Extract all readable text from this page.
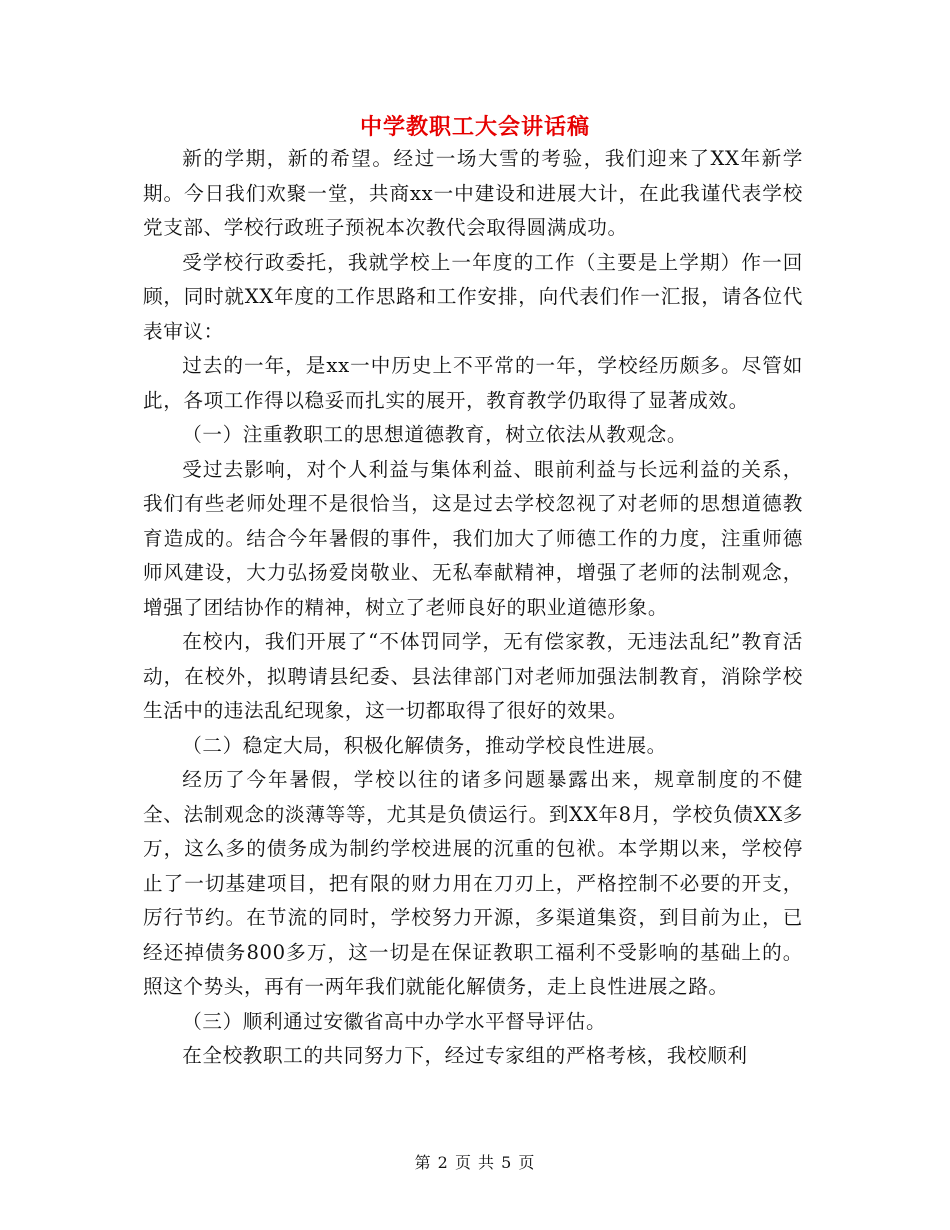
中学教职工大会讲话稿

新的学期，新的希望。经过一场大雪的考验，我们迎来了XX年新学期。今日我们欢聚一堂，共商xx一中建设和进展大计，在此我谨代表学校党支部、学校行政班子预祝本次教代会取得圆满成功。

受学校行政委托，我就学校上一年度的工作（主要是上学期）作一回顾，同时就XX年度的工作思路和工作安排，向代表们作一汇报，请各位代表审议：

过去的一年，是xx一中历史上不平常的一年，学校经历颇多。尽管如此，各项工作得以稳妥而扎实的展开，教育教学仍取得了显著成效。

（一）注重教职工的思想道德教育，树立依法从教观念。

受过去影响，对个人利益与集体利益、眼前利益与长远利益的关系，我们有些老师处理不是很恰当，这是过去学校忽视了对老师的思想道德教育造成的。结合今年暑假的事件，我们加大了师德工作的力度，注重师德师风建设，大力弘扬爱岗敬业、无私奉献精神，增强了老师的法制观念，增强了团结协作的精神，树立了老师良好的职业道德形象。

在校内，我们开展了“不体罚同学，无有偿家教，无违法乱纪”教育活动，在校外，拟聘请县纪委、县法律部门对老师加强法制教育，消除学校生活中的违法乱纪现象，这一切都取得了很好的效果。

（二）稳定大局，积极化解债务，推动学校良性进展。

经历了今年暑假，学校以往的诸多问题暴露出来，规章制度的不健全、法制观念的淡薄等等，尤其是负债运行。到XX年8月，学校负债XX多万，这么多的债务成为制约学校进展的沉重的包袱。本学期以来，学校停止了一切基建项目，把有限的财力用在刀刃上，严格控制不必要的开支，厉行节约。在节流的同时，学校努力开源，多渠道集资，到目前为止，已经还掉债务800多万，这一切是在保证教职工福利不受影响的基础上的。照这个势头，再有一两年我们就能化解债务，走上良性进展之路。

（三）顺利通过安徽省高中办学水平督导评估。

在全校教职工的共同努力下，经过专家组的严格考核，我校顺利

第 2 页 共 5 页
